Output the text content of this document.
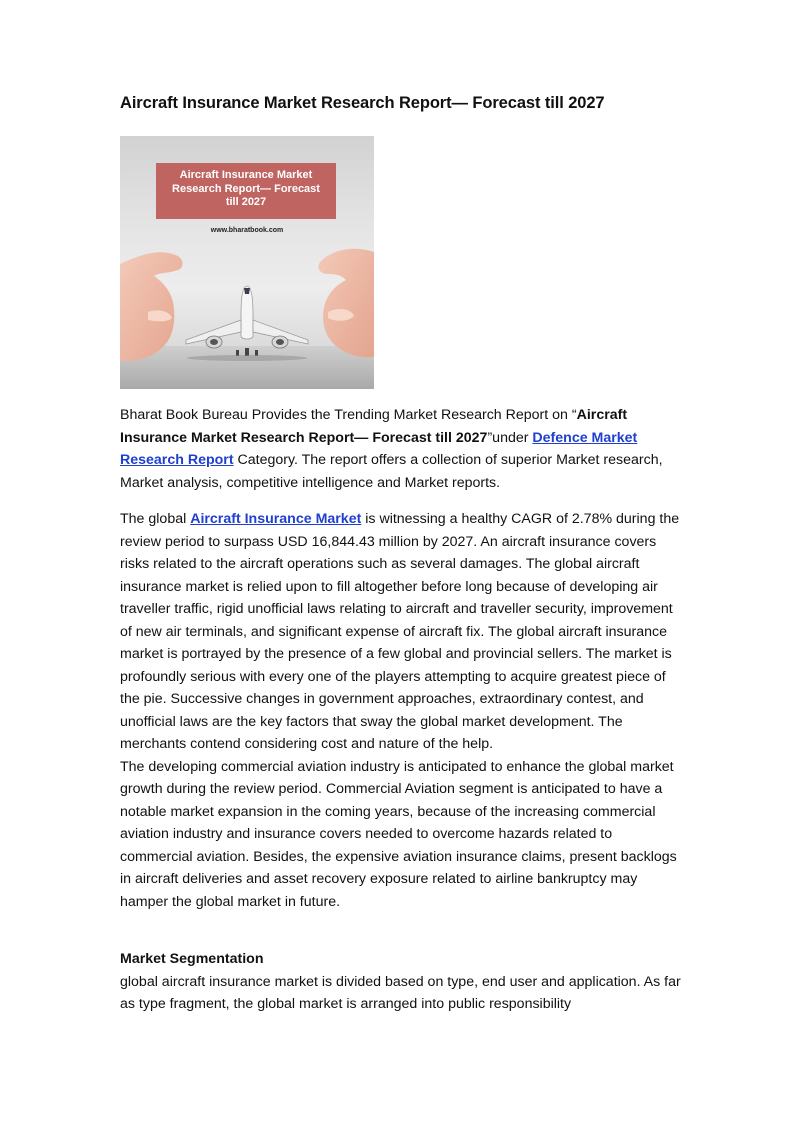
Aircraft Insurance Market Research Report— Forecast till 2027
Aircraft Insurance Market
Research Report— Forecast
till 2027
www.bharatbook.com

Bharat Book Bureau Provides the Trending Market Research Report on “Aircraft Insurance Market Research Report— Forecast till 2027”under Defence Market Research Report Category. The report offers a collection of superior Market research, Market analysis, competitive intelligence and Market reports.

The global Aircraft Insurance Market is witnessing a healthy CAGR of 2.78% during the review period to surpass USD 16,844.43 million by 2027. An aircraft insurance covers risks related to the aircraft operations such as several damages. The global aircraft insurance market is relied upon to fill altogether before long because of developing air traveller traffic, rigid unofficial laws relating to aircraft and traveller security, improvement of new air terminals, and significant expense of aircraft fix. The global aircraft insurance market is portrayed by the presence of a few global and provincial sellers. The market is profoundly serious with every one of the players attempting to acquire greatest piece of the pie. Successive changes in government approaches, extraordinary contest, and unofficial laws are the key factors that sway the global market development. The merchants contend considering cost and nature of the help.

The developing commercial aviation industry is anticipated to enhance the global market growth during the review period. Commercial Aviation segment is anticipated to have a notable market expansion in the coming years, because of the increasing commercial aviation industry and insurance covers needed to overcome hazards related to commercial aviation. Besides, the expensive aviation insurance claims, present backlogs in aircraft deliveries and asset recovery exposure related to airline bankruptcy may hamper the global market in future.

Market Segmentation

global aircraft insurance market is divided based on type, end user and application. As far as type fragment, the global market is arranged into public responsibility
